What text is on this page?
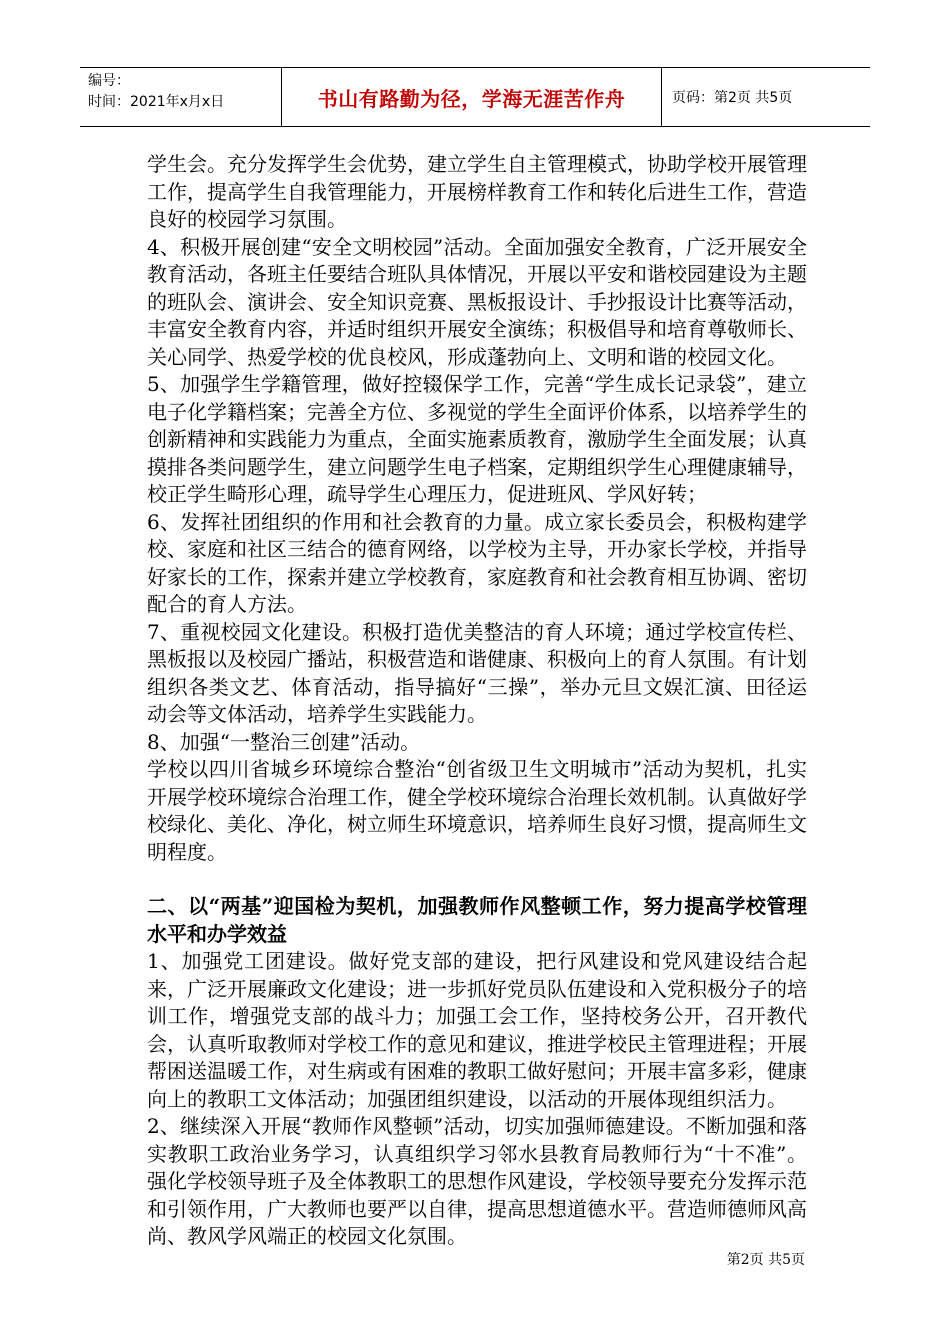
编号：
时间：2021年x月x日	书山有路勤为径，学海无涯苦作舟	页码：第2页 共5页

学生会。充分发挥学生会优势，建立学生自主管理模式，协助学校开展管理工作，提高学生自我管理能力，开展榜样教育工作和转化后进生工作，营造良好的校园学习氛围。

4、积极开展创建“安全文明校园”活动。全面加强安全教育，广泛开展安全教育活动，各班主任要结合班队具体情况，开展以平安和谐校园建设为主题的班队会、演讲会、安全知识竞赛、黑板报设计、手抄报设计比赛等活动，丰富安全教育内容，并适时组织开展安全演练；积极倡导和培育尊敬师长、关心同学、热爱学校的优良校风，形成蓬勃向上、文明和谐的校园文化。

5、加强学生学籍管理，做好控辍保学工作，完善“学生成长记录袋”，建立电子化学籍档案；完善全方位、多视觉的学生全面评价体系，以培养学生的创新精神和实践能力为重点，全面实施素质教育，激励学生全面发展；认真摸排各类问题学生，建立问题学生电子档案，定期组织学生心理健康辅导，校正学生畸形心理，疏导学生心理压力，促进班风、学风好转；

6、发挥社团组织的作用和社会教育的力量。成立家长委员会，积极构建学校、家庭和社区三结合的德育网络，以学校为主导，开办家长学校，并指导好家长的工作，探索并建立学校教育，家庭教育和社会教育相互协调、密切配合的育人方法。

7、重视校园文化建设。积极打造优美整洁的育人环境；通过学校宣传栏、黑板报以及校园广播站，积极营造和谐健康、积极向上的育人氛围。有计划组织各类文艺、体育活动，指导搞好“三操”，举办元旦文娱汇演、田径运动会等文体活动，培养学生实践能力。

8、加强“一整治三创建”活动。

学校以四川省城乡环境综合整治“创省级卫生文明城市”活动为契机，扎实开展学校环境综合治理工作，健全学校环境综合治理长效机制。认真做好学校绿化、美化、净化，树立师生环境意识，培养师生良好习惯，提高师生文明程度。

二、以“两基”迎国检为契机，加强教师作风整顿工作，努力提高学校管理水平和办学效益

1、加强党工团建设。做好党支部的建设，把行风建设和党风建设结合起来，广泛开展廉政文化建设；进一步抓好党员队伍建设和入党积极分子的培训工作，增强党支部的战斗力；加强工会工作，坚持校务公开，召开教代会，认真听取教师对学校工作的意见和建议，推进学校民主管理进程；开展帮困送温暖工作，对生病或有困难的教职工做好慰问；开展丰富多彩，健康向上的教职工文体活动；加强团组织建设，以活动的开展体现组织活力。

2、继续深入开展“教师作风整顿”活动，切实加强师德建设。不断加强和落实教职工政治业务学习，认真组织学习邻水县教育局教师行为“十不准”。强化学校领导班子及全体教职工的思想作风建设，学校领导要充分发挥示范和引领作用，广大教师也要严以自律，提高思想道德水平。营造师德师风高尚、教风学风端正的校园文化氛围。

第2页 共5页
